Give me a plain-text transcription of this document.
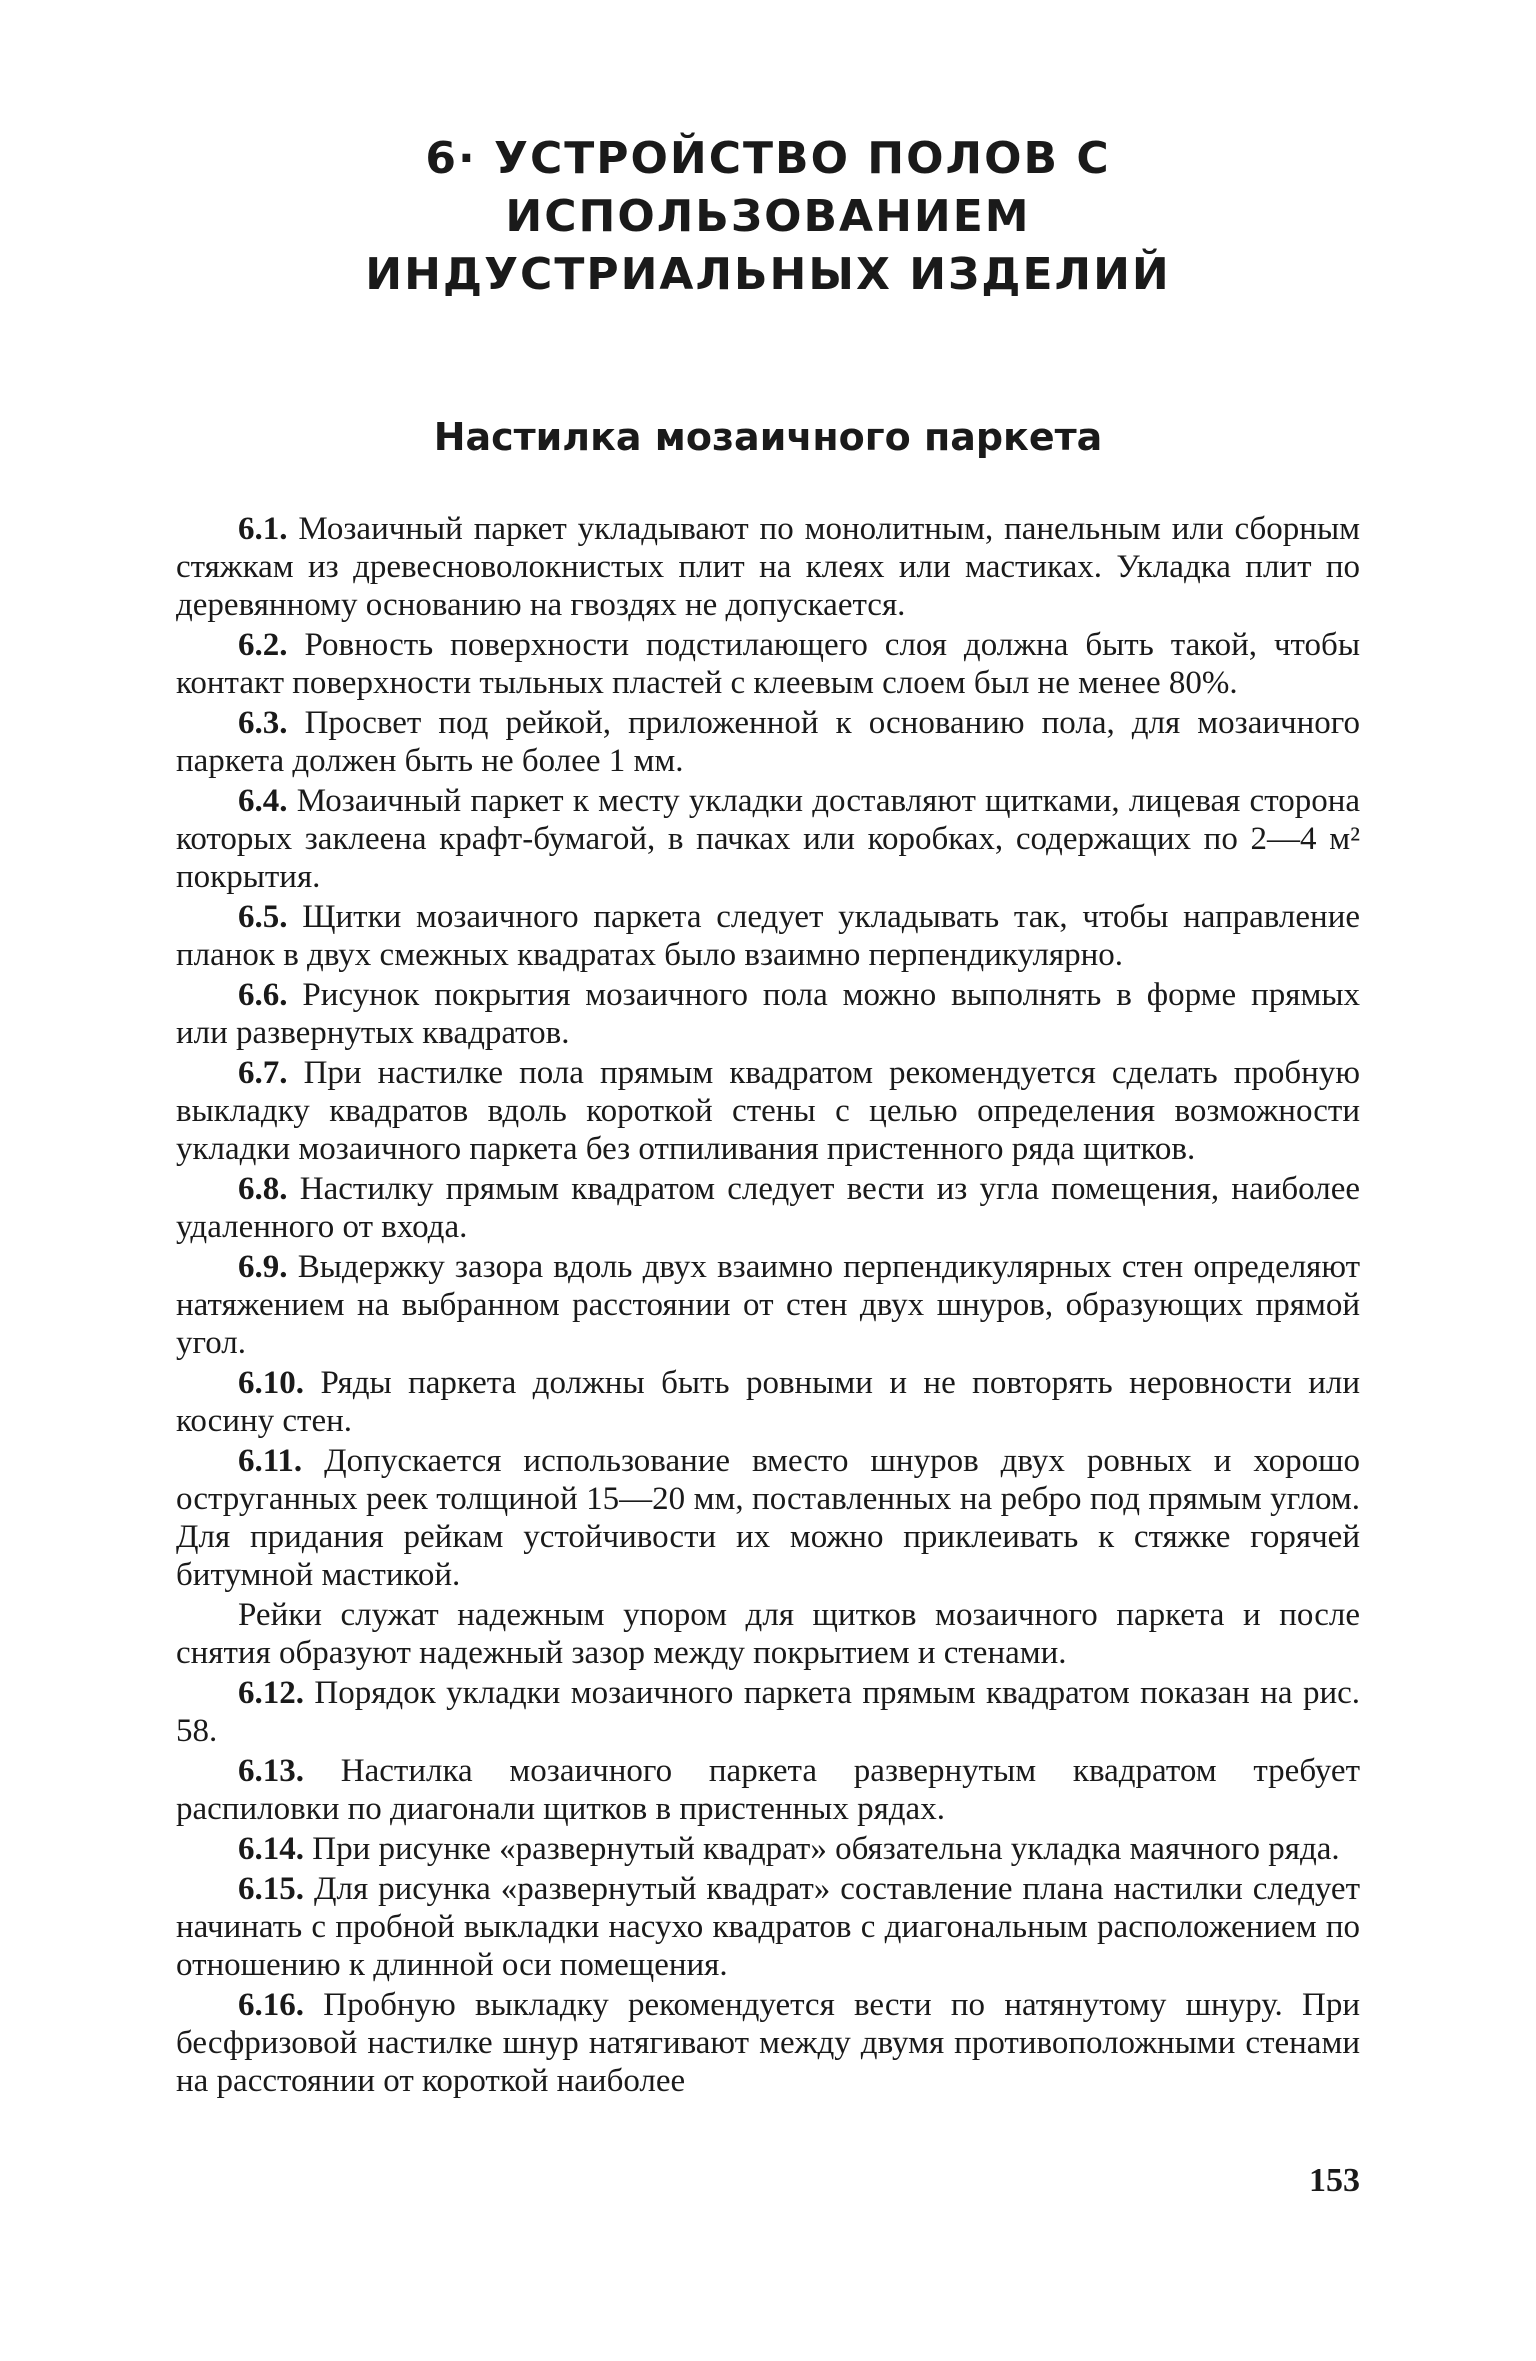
6· УСТРОЙСТВО ПОЛОВ С ИСПОЛЬЗОВАНИЕМ
ИНДУСТРИАЛЬНЫХ ИЗДЕЛИЙ
Настилка мозаичного паркета

6.1. Мозаичный паркет укладывают по монолитным, панельным или сборным стяжкам из древесноволокнистых плит на клеях или мастиках. Укладка плит по деревянному основанию на гвоздях не допускается.

6.2. Ровность поверхности подстилающего слоя должна быть такой, чтобы контакт поверхности тыльных пластей с клеевым слоем был не менее 80%.

6.3. Просвет под рейкой, приложенной к основанию пола, для мозаичного паркета должен быть не более 1 мм.

6.4. Мозаичный паркет к месту укладки доставляют щитками, лицевая сторона которых заклеена крафт-бумагой, в пачках или коробках, содержащих по 2—4 м² покрытия.

6.5. Щитки мозаичного паркета следует укладывать так, чтобы направление планок в двух смежных квадратах было взаимно перпендикулярно.

6.6. Рисунок покрытия мозаичного пола можно выполнять в форме прямых или развернутых квадратов.

6.7. При настилке пола прямым квадратом рекомендуется сделать пробную выкладку квадратов вдоль короткой стены с целью определения возможности укладки мозаичного паркета без отпиливания пристенного ряда щитков.

6.8. Настилку прямым квадратом следует вести из угла помещения, наиболее удаленного от входа.

6.9. Выдержку зазора вдоль двух взаимно перпендикулярных стен определяют натяжением на выбранном расстоянии от стен двух шнуров, образующих прямой угол.

6.10. Ряды паркета должны быть ровными и не повторять неровности или косину стен.

6.11. Допускается использование вместо шнуров двух ровных и хорошо оструганных реек толщиной 15—20 мм, поставленных на ребро под прямым углом. Для придания рейкам устойчивости их можно приклеивать к стяжке горячей битумной мастикой.

Рейки служат надежным упором для щитков мозаичного паркета и после снятия образуют надежный зазор между покрытием и стенами.

6.12. Порядок укладки мозаичного паркета прямым квадратом показан на рис. 58.

6.13. Настилка мозаичного паркета развернутым квадратом требует распиловки по диагонали щитков в пристенных рядах.

6.14. При рисунке «развернутый квадрат» обязательна укладка маячного ряда.

6.15. Для рисунка «развернутый квадрат» составление плана настилки следует начинать с пробной выкладки насухо квадратов с диагональным расположением по отношению к длинной оси помещения.

6.16. Пробную выкладку рекомендуется вести по натянутому шнуру. При бесфризовой настилке шнур натягивают между двумя противоположными стенами на расстоянии от короткой наиболее

153
